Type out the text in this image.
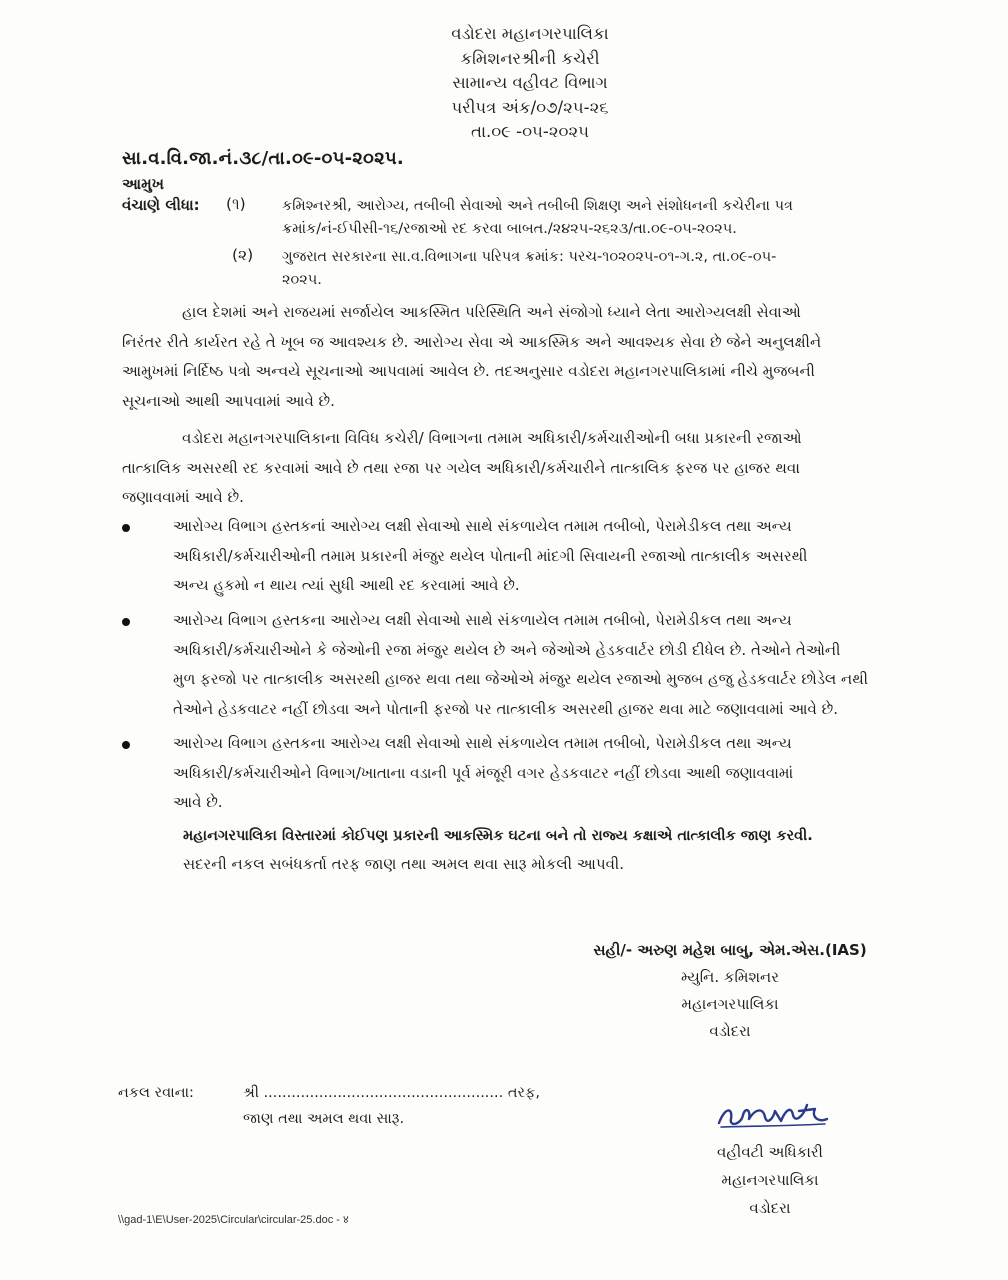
વડોદરા મહાનગરપાલિકા
કમિશનરશ્રીની કચેરી
સામાન્ય વહીવટ વિભાગ
પરીપત્ર અંક/૦૭/૨૫-૨૬
તા.૦૯ -૦૫-૨૦૨૫
સા.વ.વિ.જા.નં.૩૮/તા.૦૯-૦૫-૨૦૨૫.
આમુખ
વંચાણે લીધા: (૧)	કમિશ્નરશ્રી, આરોગ્ય, તબીબી સેવાઓ અને તબીબી શિક્ષણ અને સંશોધનની કચેરીના પત્ર
ક્રમાંક/નં-ઈપીસી-૧૬/રજાઓ રદ કરવા બાબત./૨૪૨૫-૨૬૨૩/તા.૦૯-૦૫-૨૦૨૫.
(૨) ગુજરાત સરકારના સા.વ.વિભાગના પરિપત્ર ક્રમાંક: પરચ-૧૦૨૦૨૫-૦૧-ગ.૨, તા.૦૯-૦૫-
૨૦૨૫.
હાલ દેશમાં અને રાજયમાં સર્જાયેલ આકસ્મિત પરિસ્થિતિ અને સંજોગો ધ્યાને લેતા આરોગ્યલક્ષી સેવાઓ
નિરંતર રીતે કાર્યરત રહે તે ખૂબ જ આવશ્યક છે. આરોગ્ય સેવા એ આકસ્મિક અને આવશ્યક સેવા છે જેને અનુલક્ષીને
આમુખમાં નિર્દિષ્ઠ પત્રો અન્વયે સૂચનાઓ આપવામાં આવેલ છે. તદઅનુસાર વડોદરા મહાનગરપાલિકામાં નીચે મુજબની
સૂચનાઓ આથી આપવામાં આવે છે.
વડોદરા મહાનગરપાલિકાના વિવિધ કચેરી/ વિભાગના તમામ અધિકારી/કર્મચારીઓની બધા પ્રકારની રજાઓ
તાત્કાલિક અસરથી રદ કરવામાં આવે છે તથા રજા પર ગયેલ અધિકારી/કર્મચારીને તાત્કાલિક ફરજ પર હાજર થવા
જણાવવામાં આવે છે.
આરોગ્ય વિભાગ હસ્તકનાં આરોગ્ય લક્ષી સેવાઓ સાથે સંકળાયેલ તમામ તબીબો, પેરામેડીકલ તથા અન્ય
અધિકારી/કર્મચારીઓની તમામ પ્રકારની મંજુર થયેલ પોતાની માંદગી સિવાયની રજાઓ તાત્કાલીક અસરથી
અન્ય હુકમો ન થાય ત્યાં સુધી આથી રદ કરવામાં આવે છે.
આરોગ્ય વિભાગ હસ્તકના આરોગ્ય લક્ષી સેવાઓ સાથે સંકળાયેલ તમામ તબીબો, પેરામેડીકલ તથા અન્ય
અધિકારી/કર્મચારીઓને કે જેઓની રજા મંજુર થયેલ છે અને જેઓએ હેડકવાર્ટર છોડી દીધેલ છે. તેઓને તેઓની
મુળ ફરજો પર તાત્કાલીક અસરથી હાજર થવા તથા જેઓએ મંજુર થયેલ રજાઓ મુજબ હજુ હેડકવાર્ટર છોડેલ નથી
તેઓને હેડકવાટર નહીં છોડવા અને પોતાની ફરજો પર તાત્કાલીક અસરથી હાજર થવા માટે જણાવવામાં આવે છે.
આરોગ્ય વિભાગ હસ્તકના આરોગ્ય લક્ષી સેવાઓ સાથે સંકળાયેલ તમામ તબીબો, પેરામેડીકલ તથા અન્ય
અધિકારી/કર્મચારીઓને વિભાગ/ખાતાના વડાની પૂર્વ મંજૂરી વગર હેડકવાટર નહીં છોડવા આથી જણાવવામાં
આવે છે.
મહાનગરપાલિકા વિસ્તારમાં કોઈપણ પ્રકારની આકસ્મિક ઘટના બને તો રાજ્ય કક્ષાએ તાત્કાલીક જાણ કરવી.
સદરની નકલ સબંધકર્તા તરફ જાણ તથા અમલ થવા સારૂ મોકલી આપવી.
સહી/- અરુણ મહેશ બાબુ, એમ.એસ.(IAS)
મ્યુનિ. કમિશનર
મહાનગરપાલિકા
વડોદરા
નકલ રવાના:	શ્રી .................................................... તરફ,
જાણ તથા અમલ થવા સારૂ.
વહીવટી અધિકારી
મહાનગરપાલિકા
વડોદરા
\\gad-1\E\User-2025\Circular\circular-25.doc - ४
